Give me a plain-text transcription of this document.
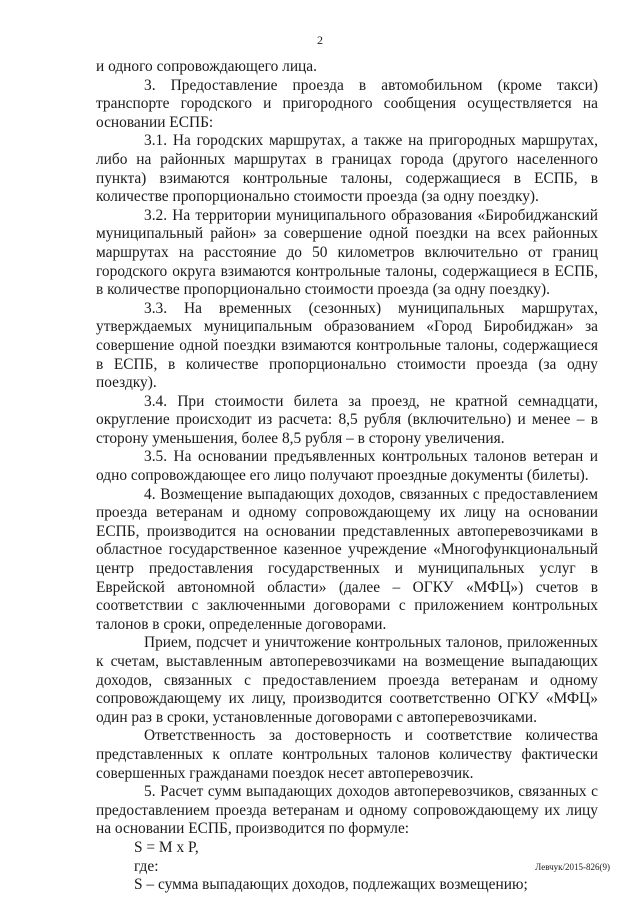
2

и одного сопровождающего лица.

3. Предоставление проезда в автомобильном (кроме такси) транспорте городского и пригородного сообщения осуществляется на основании ЕСПБ:

3.1. На городских маршрутах, а также на пригородных маршрутах, либо на районных маршрутах в границах города (другого населенного пункта) взимаются контрольные талоны, содержащиеся в ЕСПБ, в количестве пропорционально стоимости проезда (за одну поездку).

3.2. На территории муниципального образования «Биробиджанский муниципальный район» за совершение одной поездки на всех районных маршрутах на расстояние до 50 километров включительно от границ городского округа взимаются контрольные талоны, содержащиеся в ЕСПБ, в количестве пропорционально стоимости проезда (за одну поездку).

3.3. На временных (сезонных) муниципальных маршрутах, утверждаемых муниципальным образованием «Город Биробиджан» за совершение одной поездки взимаются контрольные талоны, содержащиеся в ЕСПБ, в количестве пропорционально стоимости проезда (за одну поездку).

3.4. При стоимости билета за проезд, не кратной семнадцати, округление происходит из расчета: 8,5 рубля (включительно) и менее – в сторону уменьшения, более 8,5 рубля – в сторону увеличения.

3.5. На основании предъявленных контрольных талонов ветеран и одно сопровождающее его лицо получают проездные документы (билеты).

4. Возмещение выпадающих доходов, связанных с предоставлением проезда ветеранам и одному сопровождающему их лицу на основании ЕСПБ, производится на основании представленных автоперевозчиками в областное государственное казенное учреждение «Многофункциональный центр предоставления государственных и муниципальных услуг в Еврейской автономной области» (далее – ОГКУ «МФЦ») счетов в соответствии с заключенными договорами с приложением контрольных талонов в сроки, определенные договорами.

Прием, подсчет и уничтожение контрольных талонов, приложенных к счетам, выставленным автоперевозчиками на возмещение выпадающих доходов, связанных с предоставлением проезда ветеранам и одному сопровождающему их лицу, производится соответственно ОГКУ «МФЦ» один раз в сроки, установленные договорами с автоперевозчиками.

Ответственность за достоверность и соответствие количества представленных к оплате контрольных талонов количеству фактически совершенных гражданами поездок несет автоперевозчик.

5. Расчет сумм выпадающих доходов автоперевозчиков, связанных с предоставлением проезда ветеранам и одному сопровождающему их лицу на основании ЕСПБ, производится по формуле:

S = M x P,

где:

S – сумма выпадающих доходов, подлежащих возмещению;

Левчук/2015-826(9)
